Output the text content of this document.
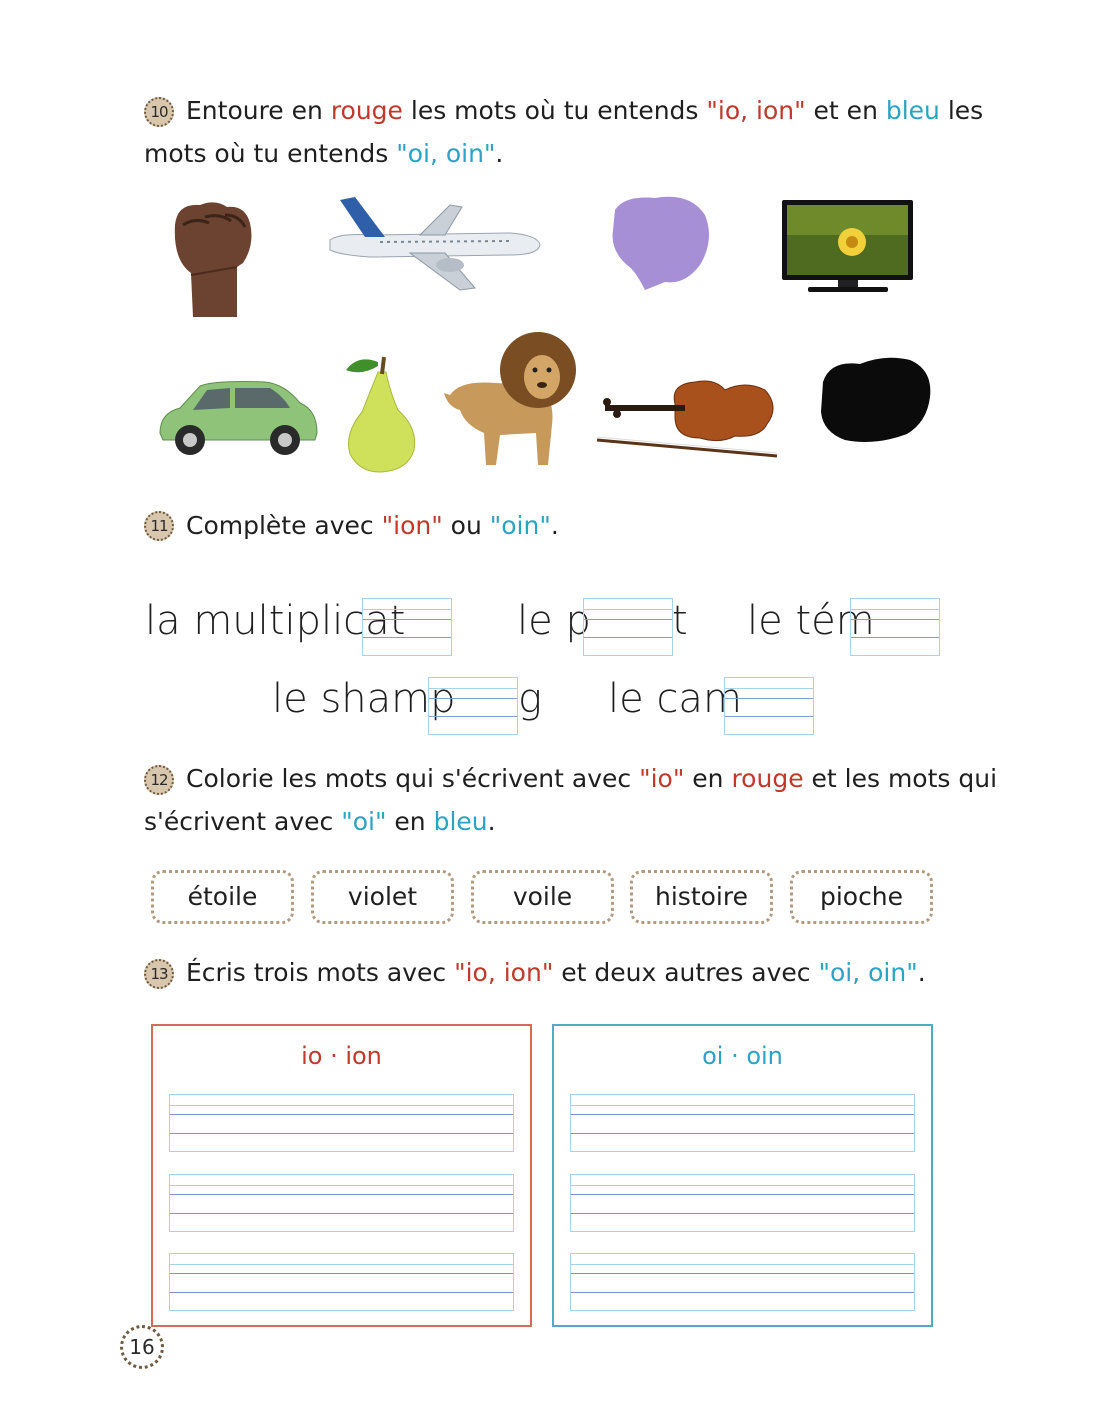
10 Entoure en rouge les mots où tu entends "io, ion" et en bleu les
mots où tu entends "oi, oin".
11 Complète avec "ion" ou "oin".
la multiplicat	le p t le tém
le shamp g le cam
12 Colorie les mots qui s'écrivent avec "io" en rouge et les mots qui
s'écrivent avec "oi" en bleu.
étoile	violet	voile	histoire	pioche
13 Écris trois mots avec "io, ion" et deux autres avec "oi, oin".
io · ion	oi · oin
16
